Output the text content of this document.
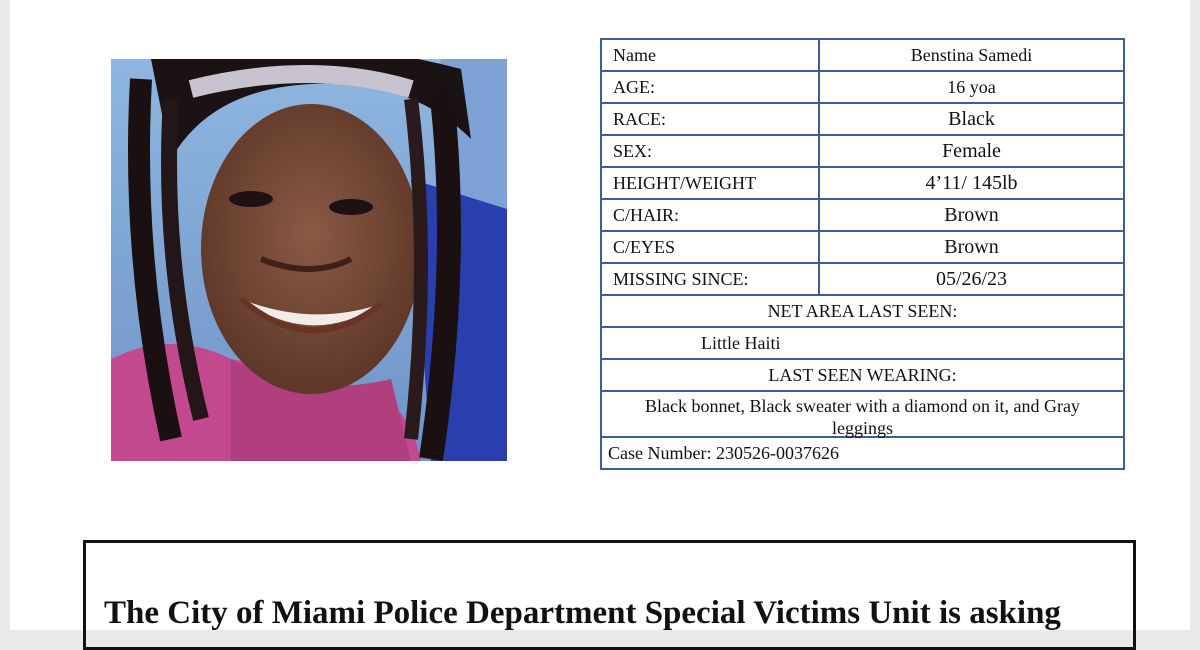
Name	Benstina Samedi
AGE:	16 yoa
RACE:	Black
SEX:	Female
HEIGHT/WEIGHT	4’11/ 145lb
C/HAIR:	Brown
C/EYES	Brown
MISSING SINCE:	05/26/23
NET AREA LAST SEEN:
Little Haiti
LAST SEEN WEARING:
Black bonnet, Black sweater with a diamond on it, and Gray leggings
Case Number: 230526-0037626
The City of Miami Police Department Special Victims Unit is asking
